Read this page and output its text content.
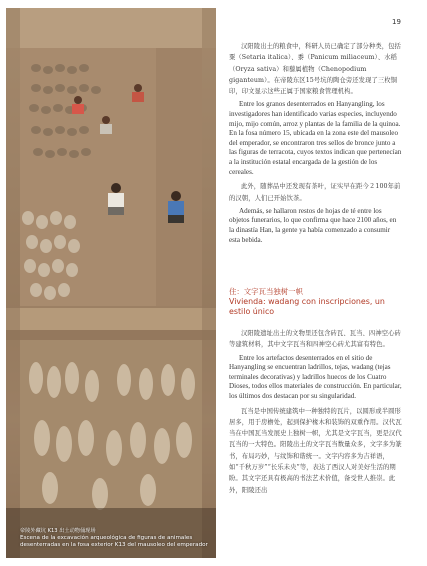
帝陵外藏坑 K13 出土动物俑现场
Escena de la excavación arqueológica de figuras de animales desenterradas en la fosa exterior K13 del mausoleo del emperador
19

汉阳陵出土的粮食中，科研人员已确定了部分种类，包括粟（Setaria italica）、黍（Panicum miliaceum）、水稻（Oryza sativa）和藜属植物（Chenopodium giganteum）。在帝陵东区15号坑的陶仓旁还发现了三枚铜印，印文显示这些正属于国家粮食管理机构。

Entre los granos desenterrados en Hanyangling, los investigadores han identificado varias especies, incluyendo mijo, mijo común, arroz y plantas de la familia de la quinoa. En la fosa número 15, ubicada en la zona este del mausoleo del emperador, se encontraron tres sellos de bronce junto a las figuras de terracota, cuyos textos indican que pertenecían a la institución estatal encargada de la gestión de los cereales.

此外，随葬品中还发现有茶叶，证实早在距今２100年前的汉朝，人们已开始饮茶。

Además, se hallaron restos de hojas de té entre los objetos funerarios, lo que confirma que hace 2100 años, en la dinastía Han, la gente ya había comenzado a consumir esta bebida.

住：文字瓦当独树一帜
Vivienda: wadang con inscripciones, un estilo único

汉阳陵遗址出土的文物里还包含砖瓦、瓦当、四神空心砖等建筑材料，其中文字瓦当和四神空心砖尤其富有特色。

Entre los artefactos desenterrados en el sitio de Hanyangling se encuentran ladrillos, tejas, wadang (tejas terminales decorativas) y ladrillos huecos de los Cuatro Dioses, todos ellos materiales de construcción. En particular, los últimos dos destacan por su singularidad.

瓦当是中国传统建筑中一种独特的瓦片，以圆形或半圆形居多，用于房檐处，起到保护椽木和装饰的双重作用。汉代瓦当在中国瓦当发展史上独树一帜，尤其是文字瓦当，更是汉代瓦当的一大特色。阳陵出土的文字瓦当数量众多，文字多为篆书，布局巧妙，与纹饰和谐统一。文字内容多为吉祥语，如“千秋万岁”“长乐未央”等，表达了西汉人对美好生活的期盼。其文字还具有极高的书法艺术价值，备受世人推崇。此外，阳陵还出
